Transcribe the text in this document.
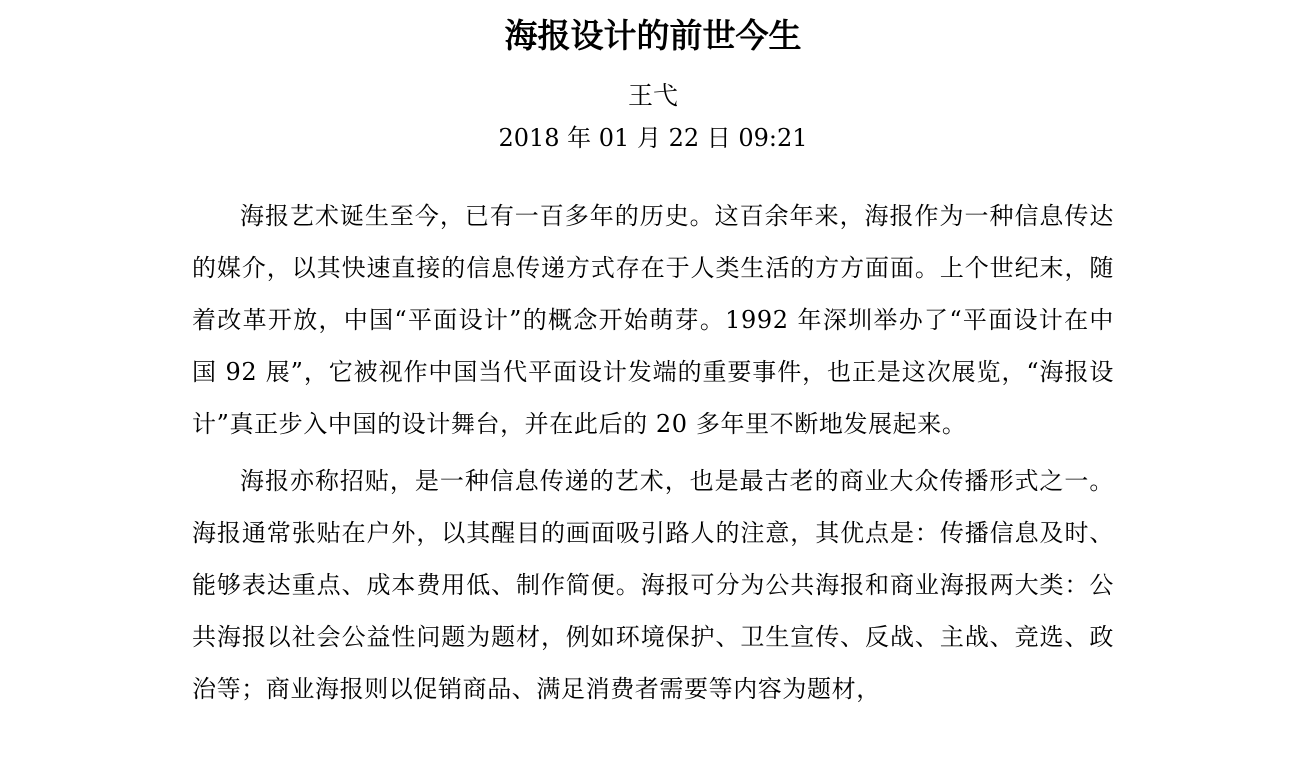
海报设计的前世今生
王弋
2018 年 01 月 22 日 09:21

海报艺术诞生至今，已有一百多年的历史。这百余年来，海报作为一种信息传达的媒介，以其快速直接的信息传递方式存在于人类生活的方方面面。上个世纪末，随着改革开放，中国“平面设计”的概念开始萌芽。1992 年深圳举办了“平面设计在中国 92 展”，它被视作中国当代平面设计发端的重要事件，也正是这次展览，“海报设计”真正步入中国的设计舞台，并在此后的 20 多年里不断地发展起来。

海报亦称招贴，是一种信息传递的艺术，也是最古老的商业大众传播形式之一。海报通常张贴在户外，以其醒目的画面吸引路人的注意，其优点是：传播信息及时、能够表达重点、成本费用低、制作简便。海报可分为公共海报和商业海报两大类：公共海报以社会公益性问题为题材，例如环境保护、卫生宣传、反战、主战、竞选、政治等；商业海报则以促销商品、满足消费者需要等内容为题材，
